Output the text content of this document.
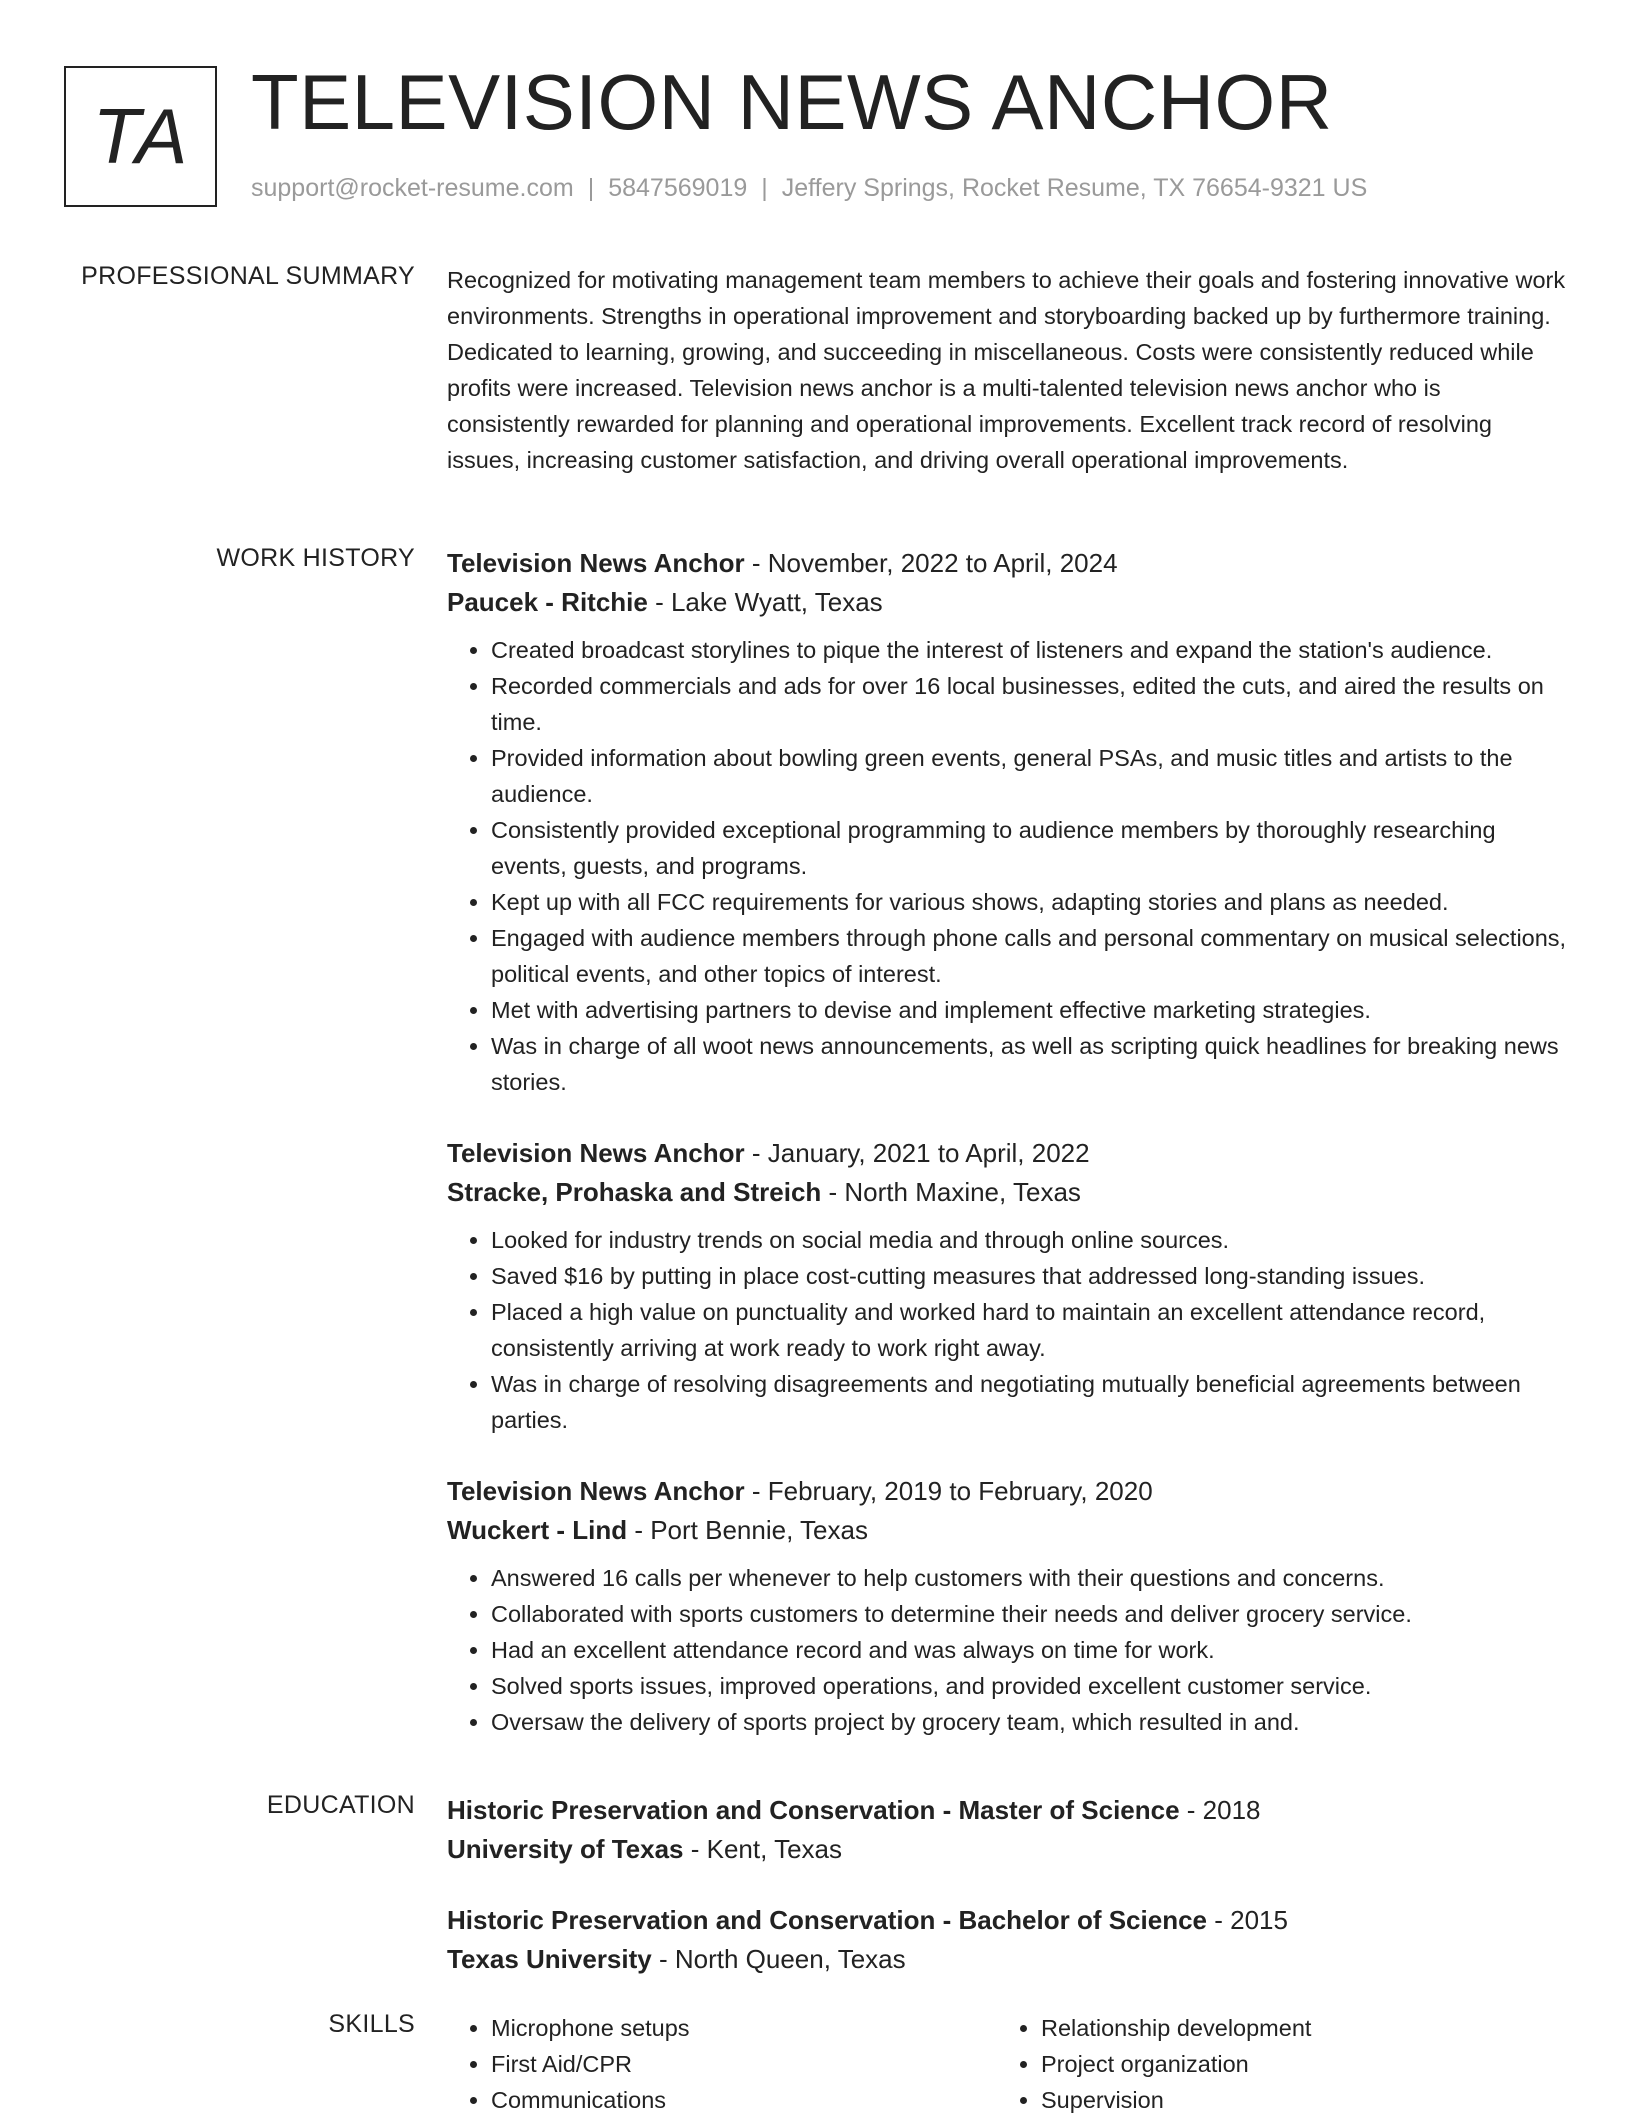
TA TELEVISION NEWS ANCHOR
support@rocket-resume.com | 5847569019 | Jeffery Springs, Rocket Resume, TX 76654-9321 US
PROFESSIONAL SUMMARY Recognized for motivating management team members to achieve their goals and fostering innovative work environments. Strengths in operational improvement and storyboarding backed up by furthermore training. Dedicated to learning, growing, and succeeding in miscellaneous. Costs were consistently reduced while profits were increased. Television news anchor is a multi-talented television news anchor who is consistently rewarded for planning and operational improvements. Excellent track record of resolving issues, increasing customer satisfaction, and driving overall operational improvements.

WORK HISTORY Television News Anchor - November, 2022 to April, 2024
Paucek - Ritchie - Lake Wyatt, Texas
• Created broadcast storylines to pique the interest of listeners and expand the station's audience.
• Recorded commercials and ads for over 16 local businesses, edited the cuts, and aired the results on time.
• Provided information about bowling green events, general PSAs, and music titles and artists to the audience.
• Consistently provided exceptional programming to audience members by thoroughly researching events, guests, and programs.
• Kept up with all FCC requirements for various shows, adapting stories and plans as needed.
• Engaged with audience members through phone calls and personal commentary on musical selections, political events, and other topics of interest.
• Met with advertising partners to devise and implement effective marketing strategies.
• Was in charge of all woot news announcements, as well as scripting quick headlines for breaking news stories.
Television News Anchor - January, 2021 to April, 2022
Stracke, Prohaska and Streich - North Maxine, Texas
• Looked for industry trends on social media and through online sources.
• Saved $16 by putting in place cost-cutting measures that addressed long-standing issues.
• Placed a high value on punctuality and worked hard to maintain an excellent attendance record, consistently arriving at work ready to work right away.
• Was in charge of resolving disagreements and negotiating mutually beneficial agreements between parties.
Television News Anchor - February, 2019 to February, 2020
Wuckert - Lind - Port Bennie, Texas
• Answered 16 calls per whenever to help customers with their questions and concerns.
• Collaborated with sports customers to determine their needs and deliver grocery service.
• Had an excellent attendance record and was always on time for work.
• Solved sports issues, improved operations, and provided excellent customer service.
• Oversaw the delivery of sports project by grocery team, which resulted in and.
EDUCATION Historic Preservation and Conservation - Master of Science - 2018
University of Texas - Kent, Texas
Historic Preservation and Conservation - Bachelor of Science - 2015
Texas University - North Queen, Texas
SKILLS
•	Microphone setups
• First Aid/CPR
• Communications
• Relationship development
• Project organization
• Supervision
